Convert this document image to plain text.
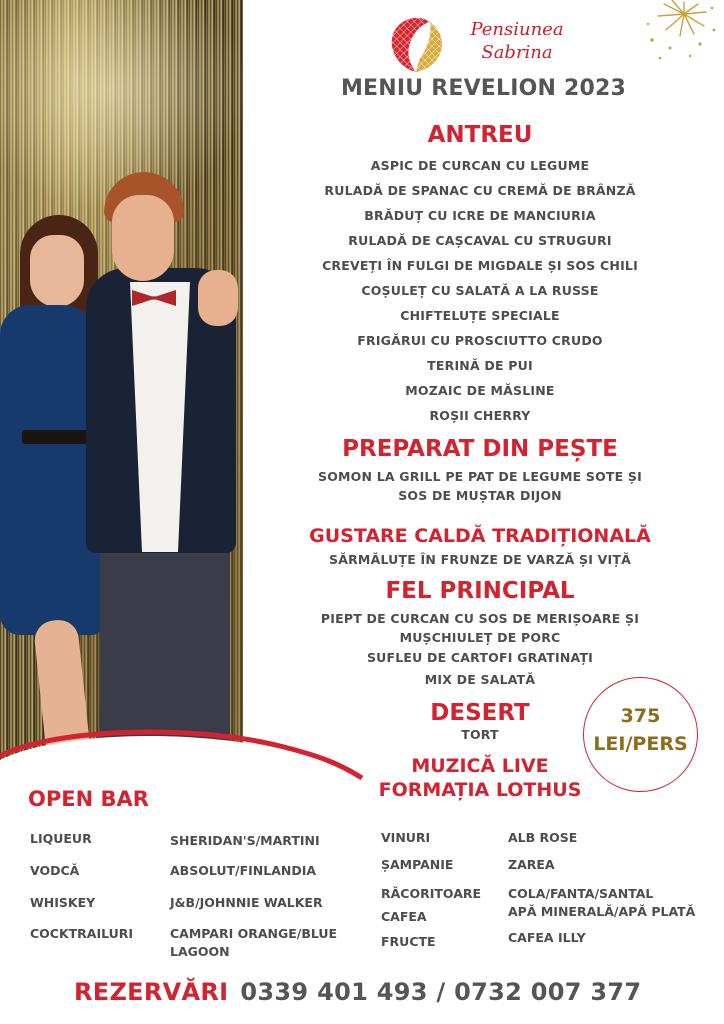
Pensiunea
Sabrina
MENIU REVELION 2023
ANTREU
ASPIC DE CURCAN CU LEGUME
RULADĂ DE SPANAC CU CREMĂ DE BRÂNZĂ
BRĂDUȚ CU ICRE DE MANCIURIA
RULADĂ DE CAȘCAVAL CU STRUGURI
CREVEȚI ÎN FULGI DE MIGDALE ȘI SOS CHILI
COȘULEȚ CU SALATĂ A LA RUSSE
CHIFTELUȚE SPECIALE
FRIGĂRUI CU PROSCIUTTO CRUDO
TERINĂ DE PUI
MOZAIC DE MĂSLINE
ROȘII CHERRY
PREPARAT DIN PEȘTE
SOMON LA GRILL PE PAT DE LEGUME SOTE ȘI
SOS DE MUȘTAR DIJON
GUSTARE CALDĂ TRADIȚIONALĂ
SĂRMĂLUȚE ÎN FRUNZE DE VARZĂ ȘI VIȚĂ
FEL PRINCIPAL
PIEPT DE CURCAN CU SOS DE MERIȘOARE ȘI
MUȘCHIULEȚ DE PORC
SUFLEU DE CARTOFI GRATINAȚI
MIX DE SALATĂ
DESERT
TORT
375
LEI/PERS
MUZICĂ LIVE
FORMAȚIA LOTHUS
OPEN BAR
LIQUEUR
VODCĂ
WHISKEY
COCKTRAILURI
SHERIDAN'S/MARTINI
ABSOLUT/FINLANDIA
J&B/JOHNNIE WALKER
CAMPARI ORANGE/BLUE
LAGOON
VINURI
ȘAMPANIE
RĂCORITOARE
CAFEA
FRUCTE
ALB ROSE
ZAREA
COLA/FANTA/SANTAL
APĂ MINERALĂ/APĂ PLATĂ
CAFEA ILLY
REZERVĂRI 0339 401 493 / 0732 007 377
